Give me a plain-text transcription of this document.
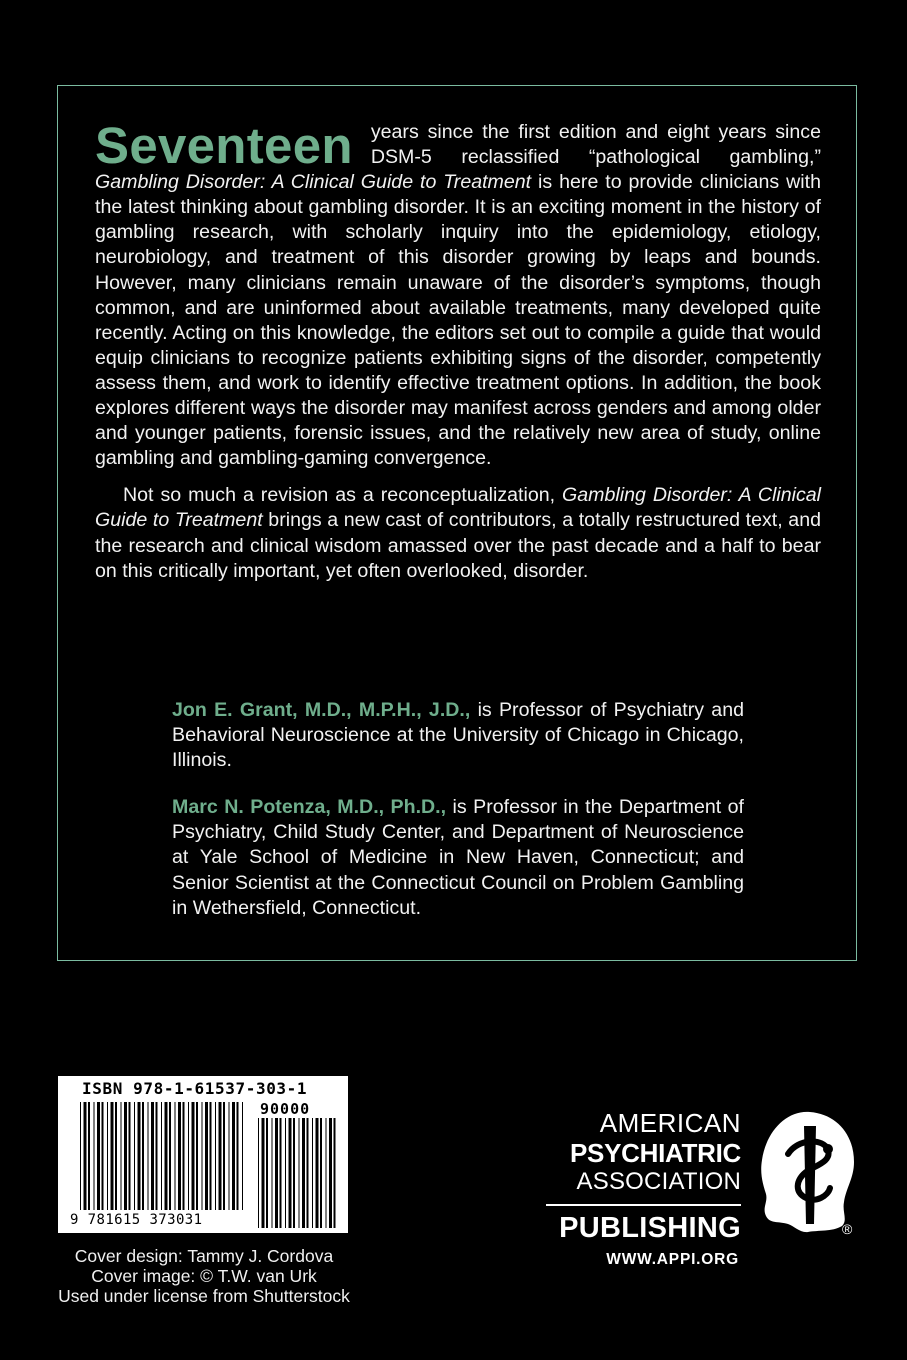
Seventeen years since the first edition and eight years since DSM-5 reclassified “pathological gambling,” Gambling Disorder: A Clinical Guide to Treatment is here to provide clinicians with the latest thinking about gambling disorder. It is an exciting moment in the history of gambling research, with scholarly inquiry into the epidemiology, etiology, neurobiology, and treatment of this disorder growing by leaps and bounds. However, many clinicians remain unaware of the disorder’s symptoms, though common, and are uninformed about available treatments, many developed quite recently. Acting on this knowledge, the editors set out to compile a guide that would equip clinicians to recognize patients exhibiting signs of the disorder, competently assess them, and work to identify effective treatment options. In addition, the book explores different ways the disorder may manifest across genders and among older and younger patients, forensic issues, and the relatively new area of study, online gambling and gambling-gaming convergence.

Not so much a revision as a reconceptualization, Gambling Disorder: A Clinical Guide to Treatment brings a new cast of contributors, a totally restructured text, and the research and clinical wisdom amassed over the past decade and a half to bear on this critically important, yet often overlooked, disorder.

Jon E. Grant, M.D., M.P.H., J.D., is Professor of Psychiatry and Behavioral Neuroscience at the University of Chicago in Chicago, Illinois.

Marc N. Potenza, M.D., Ph.D., is Professor in the Department of Psychiatry, Child Study Center, and Department of Neuroscience at Yale School of Medicine in New Haven, Connecticut; and Senior Scientist at the Connecticut Council on Problem Gambling in Wethersfield, Connecticut.

ISBN 978-1-61537-303-1
90000
9 781615 373031
Cover design: Tammy J. Cordova
Cover image: © T.W. van Urk
Used under license from Shutterstock
AMERICAN
PSYCHIATRIC
ASSOCIATION
PUBLISHING
WWW.APPI.ORG
®
